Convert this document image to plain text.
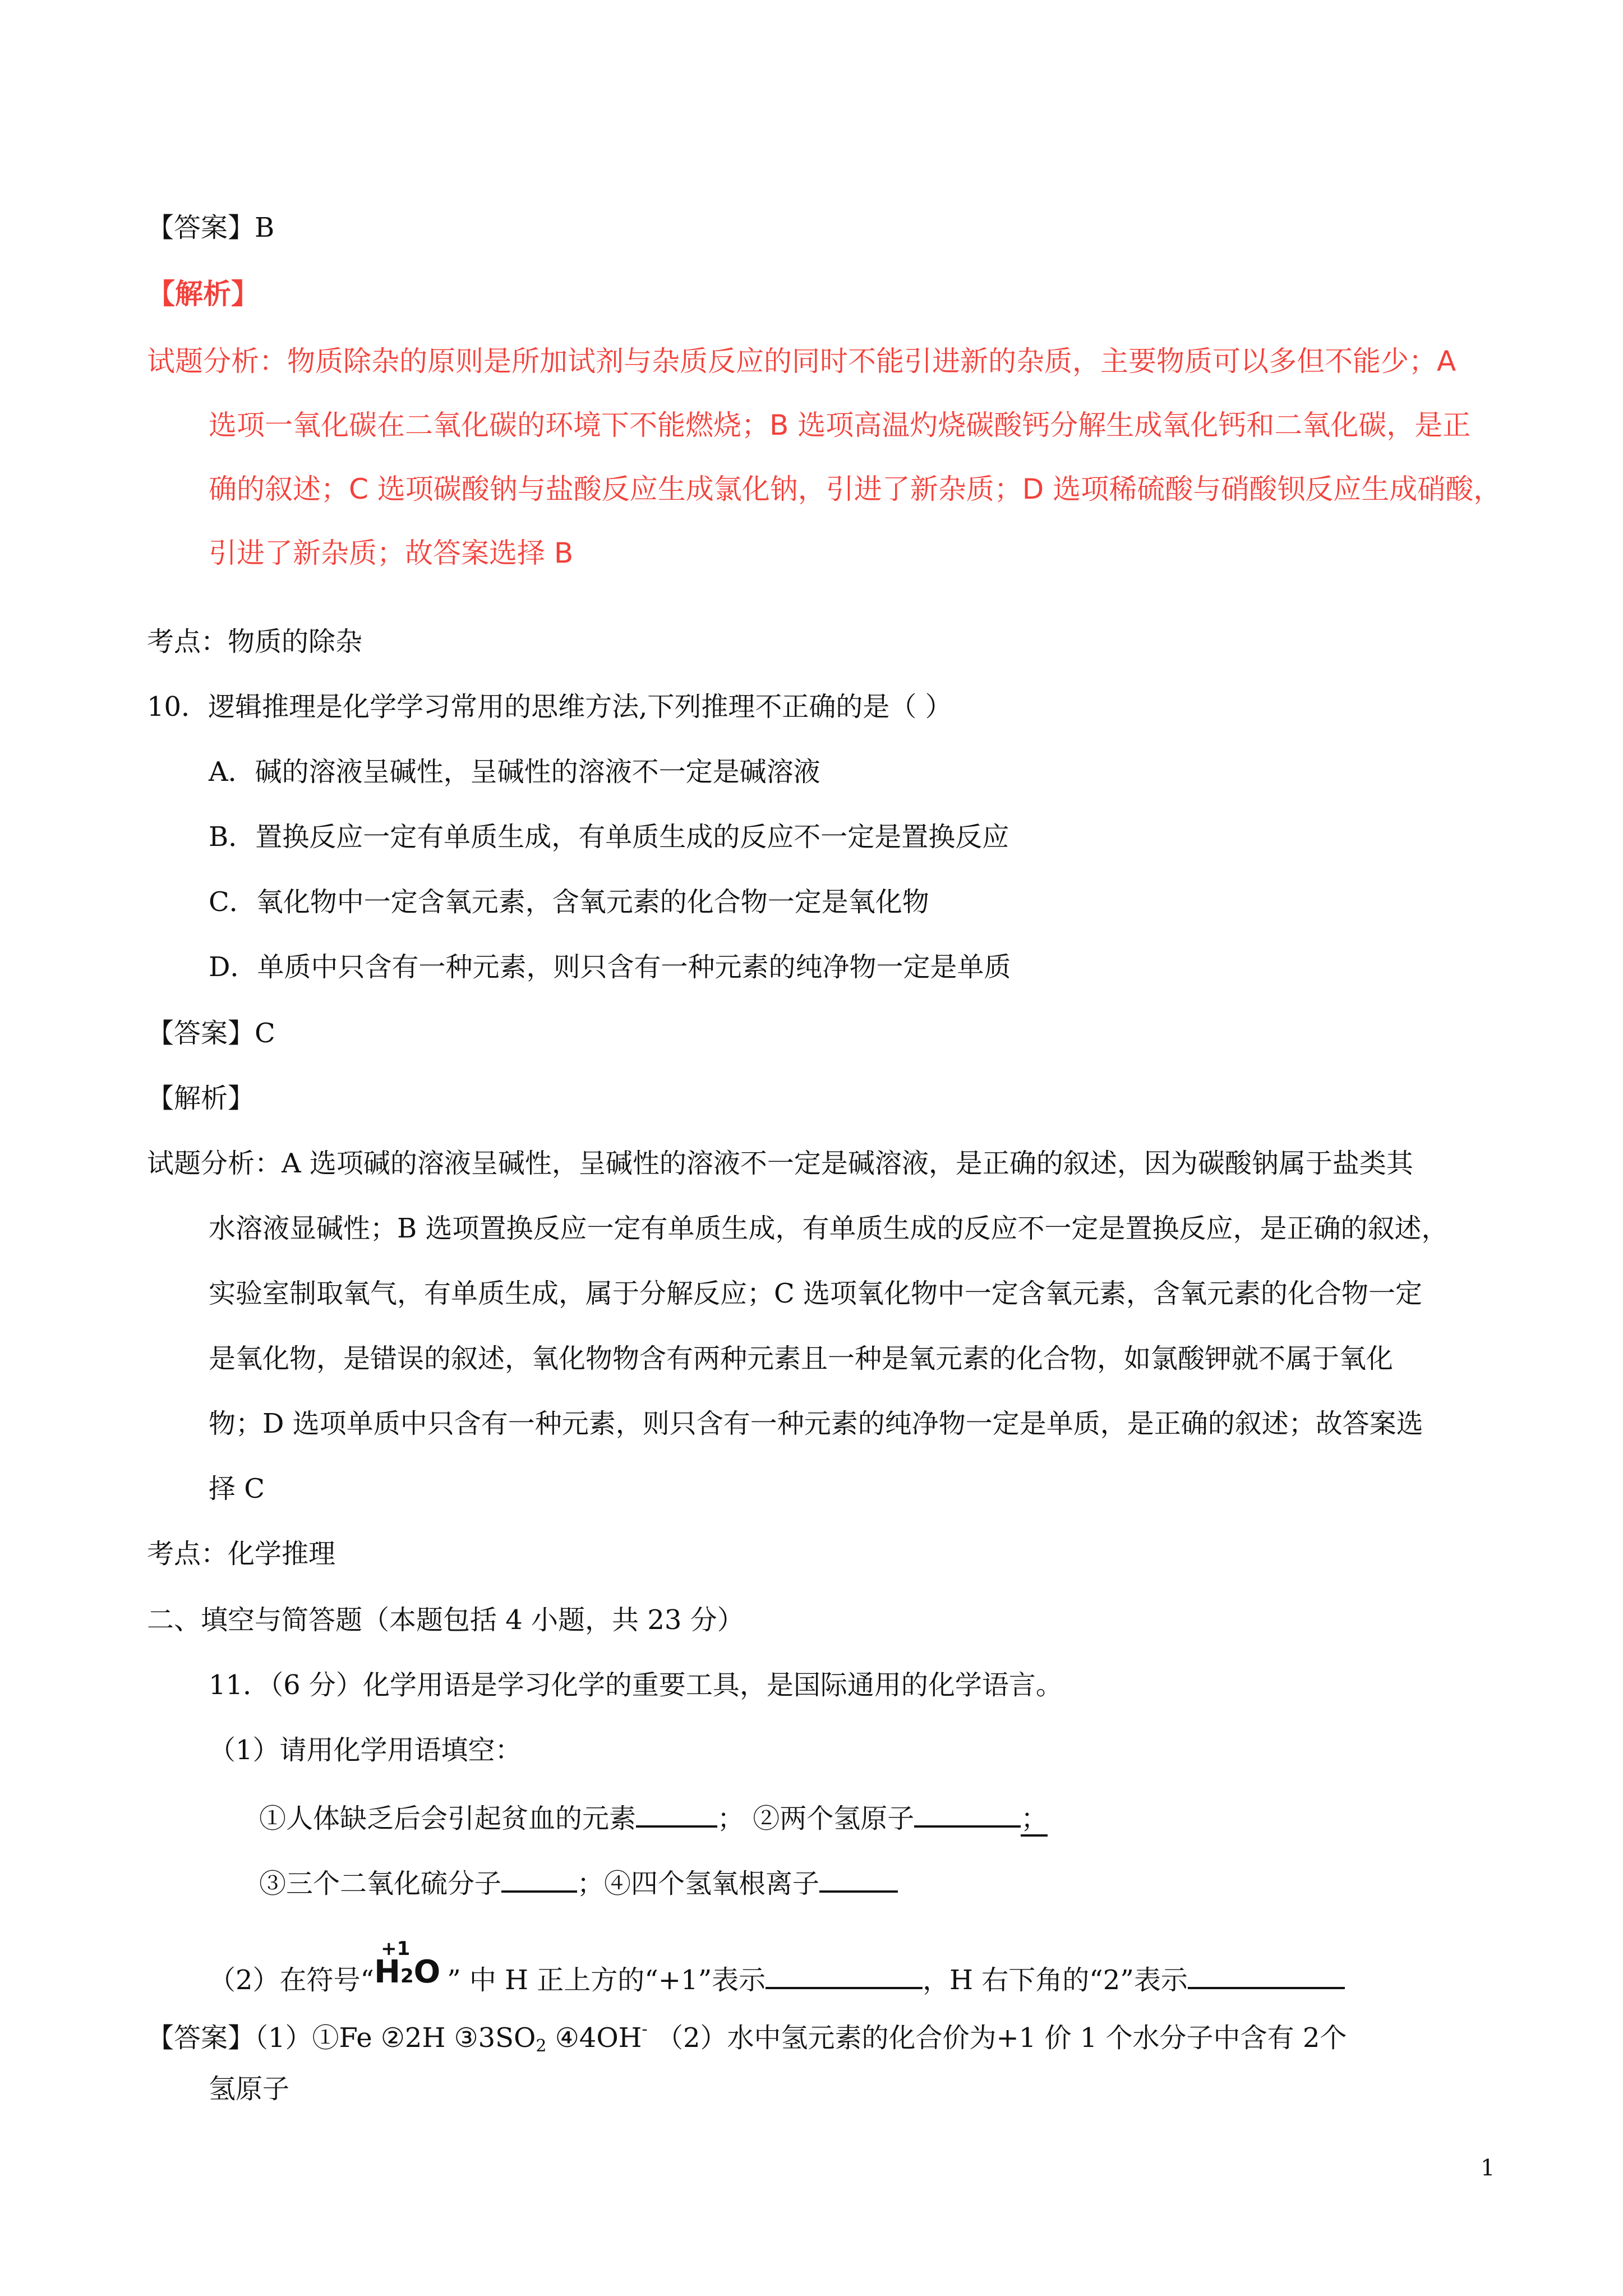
【答案】B
【解析】
试题分析：物质除杂的原则是所加试剂与杂质反应的同时不能引进新的杂质，主要物质可以多但不能少；A
选项一氧化碳在二氧化碳的环境下不能燃烧；B 选项高温灼烧碳酸钙分解生成氧化钙和二氧化碳，是正
确的叙述；C 选项碳酸钠与盐酸反应生成氯化钠，引进了新杂质；D 选项稀硫酸与硝酸钡反应生成硝酸，
引进了新杂质；故答案选择 B
考点：物质的除杂
10．逻辑推理是化学学习常用的思维方法,下列推理不正确的是（ ）
A．碱的溶液呈碱性，呈碱性的溶液不一定是碱溶液
B．置换反应一定有单质生成，有单质生成的反应不一定是置换反应
C．氧化物中一定含氧元素，含氧元素的化合物一定是氧化物
D．单质中只含有一种元素，则只含有一种元素的纯净物一定是单质
【答案】C
【解析】
试题分析：A 选项碱的溶液呈碱性，呈碱性的溶液不一定是碱溶液，是正确的叙述，因为碳酸钠属于盐类其
水溶液显碱性；B 选项置换反应一定有单质生成，有单质生成的反应不一定是置换反应，是正确的叙述，
实验室制取氧气，有单质生成，属于分解反应；C 选项氧化物中一定含氧元素，含氧元素的化合物一定
是氧化物，是错误的叙述，氧化物物含有两种元素且一种是氧元素的化合物，如氯酸钾就不属于氧化
物；D 选项单质中只含有一种元素，则只含有一种元素的纯净物一定是单质，是正确的叙述；故答案选
择 C
考点：化学推理
二、填空与简答题（本题包括 4 小题，共 23 分）
11．（6 分）化学用语是学习化学的重要工具，是国际通用的化学语言。
（1）请用化学用语填空：
①人体缺乏后会引起贫血的元素	； ②两个氢原子	；
③三个二氧化硫分子	；④四个氢氧根离子
（2）在符号“
+1
H2O ” 中 H 正上方的“+1”表示	，H 右下角的“2”表示
【答案】（1）①Fe ②2H $③3SO_2$ ④4OH- （2）水中氢元素的化合价为+1 价 1 个水分子中含有 2个
氢原子
1
